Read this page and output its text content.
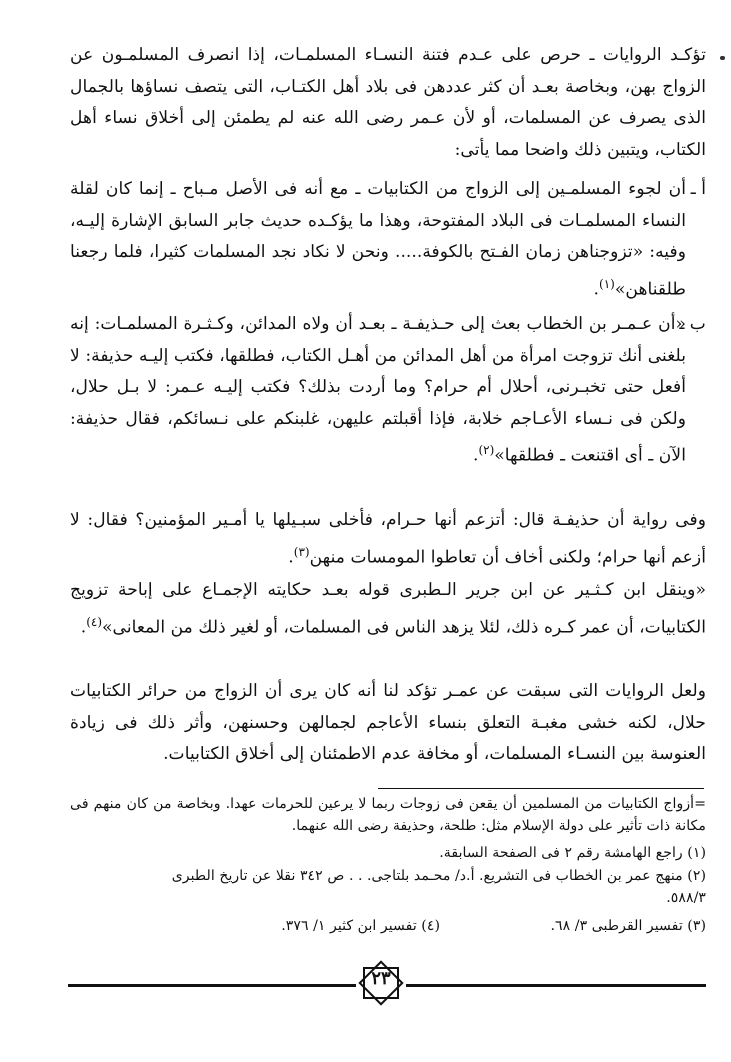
تؤكـد الروايات ـ حرص على عـدم فتنة النسـاء المسلمـات، إذا انصرف المسلمـون عن الزواج بهن، وبخاصة بعـد أن كثر عددهن فى بلاد أهل الكتـاب، التى يتصف نساؤها بالجمال الذى يصرف عن المسلمات، أو لأن عـمر رضى الله عنه لم يطمئن إلى أخلاق نساء أهل الكتاب، ويتبين ذلك واضحا مما يأتى:

أ ـ
أن لجوء المسلمـين إلى الزواج من الكتابيات ـ مع أنه فى الأصل مـباح ـ إنما كان لقلة النساء المسلمـات فى البلاد المفتوحة، وهذا ما يؤكـده حديث جابر السابق الإشارة إليـه، وفيه: «تزوجناهن زمان الفـتح بالكوفة..... ونحن لا نكاد نجد المسلمات كثيرا، فلما رجعنا طلقناهن»$^{(١)}$.
ب ـ
«أن عـمـر بن الخطاب بعث إلى حـذيفـة ـ بعـد أن ولاه المدائن، وكـثـرة المسلمـات: إنه بلغنى أنك تزوجت امرأة من أهل المدائن من أهـل الكتاب، فطلقها، فكتب إليـه حذيفة: لا أفعل حتى تخبـرنى، أحلال أم حرام؟ وما أردت بذلك؟ فكتب إليـه عـمر: لا بـل حلال، ولكن فى نـساء الأعـاجم خلابة، فإذا أقبلتم عليهن، غلبنكم على نـسائكم، فقال حذيفة: الآن ـ أى اقتنعت ـ فطلقها»$^{(٢)}$.

وفى رواية أن حذيفـة قال: أتزعم أنها حـرام، فأخلى سبـيلها يا أمـير المؤمنين؟ فقال: لا أزعم أنها حرام؛ ولكنى أخاف أن تعاطوا المومسات منهن$^{(٣)}$.

«وينقل ابن كـثـير عن ابن جرير الـطبرى قوله بعـد حكايته الإجمـاع على إباحة تزويج الكتابيات، أن عمر كـره ذلك، لئلا يزهد الناس فى المسلمات، أو لغير ذلك من المعانى»$^{(٤)}$.

ولعل الروايات التى سبقت عن عمـر تؤكد لنا أنه كان يرى أن الزواج من حرائر الكتابيات حلال، لكنه خشى مغبـة التعلق بنساء الأعاجم لجمالهن وحسنهن، وأثر ذلك فى زيادة العنوسة بين النسـاء المسلمات، أو مخافة عدم الاطمئنان إلى أخلاق الكتابيات.

=أزواج الكتابيات من المسلمين أن يقعن فى زوجات ربما لا يرعين للحرمات عهدا. وبخاصة من كان منهم فى مكانة ذات تأثير على دولة الإسلام مثل: طلحة، وحذيفة رضى الله عنهما.

(١) راجع الهامشة رقم ٢ فى الصفحة السابقة.
(٢) منهج عمر بن الخطاب فى التشريع. أ.د/ محـمد بلتاجى. . . ص ٣٤٢ نقلا عن تاريخ الطبرى
٥٨٨/٣.
(٣) تفسير القرطبى ٣/ ٦٨.
(٤) تفسير ابن كثير ١/ ٣٧٦.
٢٣
